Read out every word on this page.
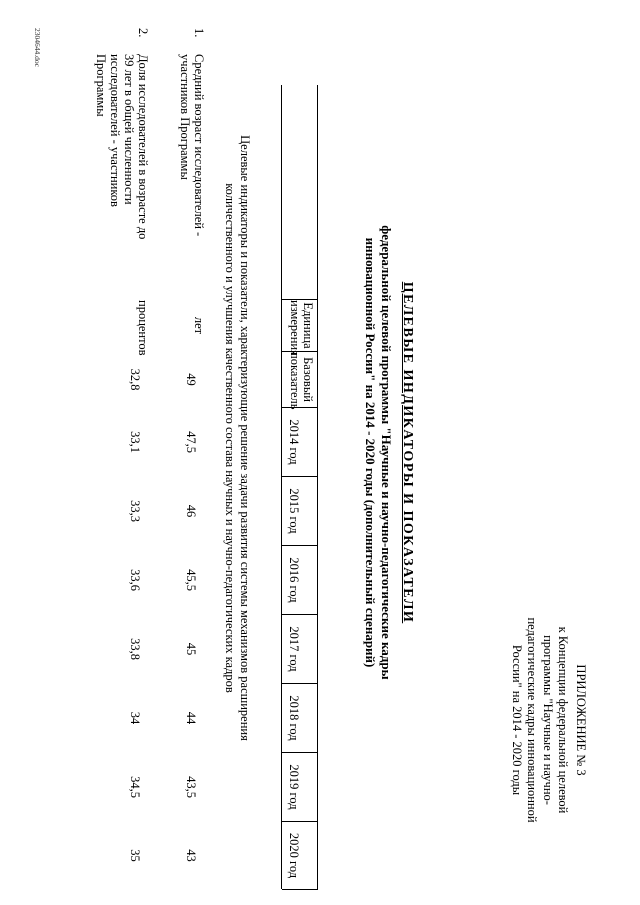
ПРИЛОЖЕНИЕ № 3
к Концепции федеральной целевой
программы "Научные и научно-
педагогические кадры инновационной
России" на 2014 - 2020 годы
ЦЕЛЕВЫЕ ИНДИКАТОРЫ И ПОКАЗАТЕЛИ
федеральной целевой программы "Научные и научно-педагогические кадры
инновационной России" на 2014 - 2020 годы (дополнительный сценарий)
Единица
измерения
Базовый
показатель
2014 год
2015 год
2016 год
2017 год
2018 год
2019 год
2020 год
Целевые индикаторы и показатели, характеризующие решение задачи развития системы механизмов расширения
количественного и улучшения качественного состава научных и научно-педагогических кадров
1.
Средний возраст исследователей -
участников Программы
лет
49
47,5
46
45,5
45
44
43,5
43
2.
Доля исследователей в возрасте до
39 лет в общей численности
исследователей - участников
Программы
процентов
32,8
33,1
33,3
33,6
33,8
34
34,5
35
2304644.doc
